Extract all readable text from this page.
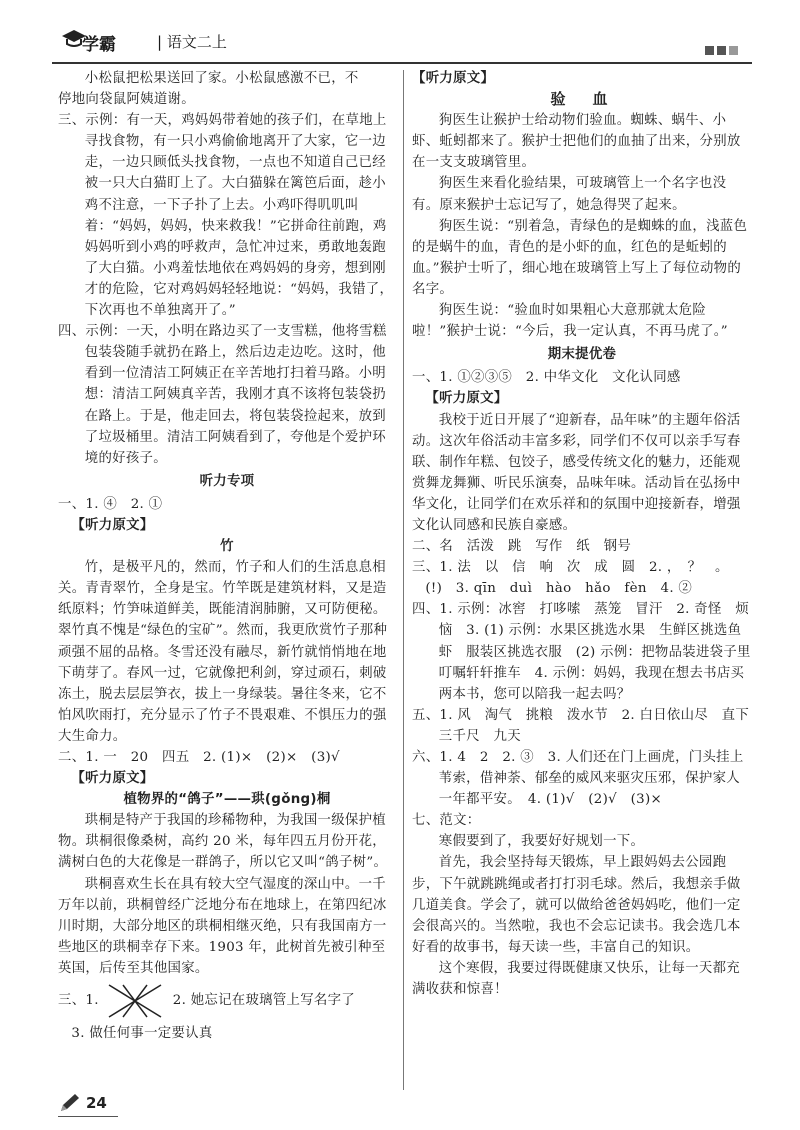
学霸	| 语文二上

小松鼠把松果送回了家。小松鼠感激不已，不

停地向袋鼠阿姨道谢。

三、示例：有一天，鸡妈妈带着她的孩子们，在草地上寻找食物，有一只小鸡偷偷地离开了大家，它一边走，一边只顾低头找食物，一点也不知道自己已经被一只大白猫盯上了。大白猫躲在篱笆后面，趁小鸡不注意，一下子扑了上去。小鸡吓得叽叽叫着：“妈妈，妈妈，快来救我！”它拼命往前跑，鸡妈妈听到小鸡的呼救声，急忙冲过来，勇敢地轰跑了大白猫。小鸡羞怯地依在鸡妈妈的身旁，想到刚才的危险，它对鸡妈妈轻轻地说：“妈妈，我错了，下次再也不单独离开了。”

四、示例：一天，小明在路边买了一支雪糕，他将雪糕包装袋随手就扔在路上，然后边走边吃。这时，他看到一位清洁工阿姨正在辛苦地打扫着马路。小明想：清洁工阿姨真辛苦，我刚才真不该将包装袋扔在路上。于是，他走回去，将包装袋捡起来，放到了垃圾桶里。清洁工阿姨看到了，夸他是个爱护环境的好孩子。

听力专项

一、1. ④　2. ①

【听力原文】

竹

竹，是极平凡的，然而，竹子和人们的生活息息相关。青青翠竹，全身是宝。竹竿既是建筑材料，又是造纸原料；竹笋味道鲜美，既能清润肺腑，又可防便秘。翠竹真不愧是“绿色的宝矿”。然而，我更欣赏竹子那种顽强不屈的品格。冬雪还没有融尽，新竹就悄悄地在地下萌芽了。春风一过，它就像把利剑，穿过顽石，刺破冻土，脱去层层笋衣，拔上一身绿装。暑往冬来，它不怕风吹雨打，充分显示了竹子不畏艰难、不惧压力的强大生命力。

二、1. 一　20　四五　2. (1)×　(2)×　(3)√

【听力原文】

植物界的“鸽子”——珙(gǒng)桐

珙桐是特产于我国的珍稀物种，为我国一级保护植物。珙桐很像桑树，高约 20 米，每年四五月份开花，满树白色的大花像是一群鸽子，所以它又叫“鸽子树”。

珙桐喜欢生长在具有较大空气湿度的深山中。一千万年以前，珙桐曾经广泛地分布在地球上，在第四纪冰川时期，大部分地区的珙桐相继灭绝，只有我国南方一些地区的珙桐幸存下来。1903 年，此树首先被引种至英国，后传至其他国家。

三、1.	2. 她忘记在玻璃管上写名字了

3. 做任何事一定要认真

【听力原文】

验　血

狗医生让猴护士给动物们验血。蜘蛛、蜗牛、小虾、蚯蚓都来了。猴护士把他们的血抽了出来，分别放在一支支玻璃管里。

狗医生来看化验结果，可玻璃管上一个名字也没有。原来猴护士忘记写了，她急得哭了起来。

狗医生说：“别着急，青绿色的是蜘蛛的血，浅蓝色的是蜗牛的血，青色的是小虾的血，红色的是蚯蚓的血。”猴护士听了，细心地在玻璃管上写上了每位动物的名字。

狗医生说：“验血时如果粗心大意那就太危险啦！”猴护士说：“今后，我一定认真，不再马虎了。”

期末提优卷

一、1. ①②③⑤　2. 中华文化　文化认同感

【听力原文】

我校于近日开展了“迎新春，品年味”的主题年俗活动。这次年俗活动丰富多彩，同学们不仅可以亲手写春联、制作年糕、包饺子，感受传统文化的魅力，还能观赏舞龙舞狮、听民乐演奏，品味年味。活动旨在弘扬中华文化，让同学们在欢乐祥和的氛围中迎接新春，增强文化认同感和民族自豪感。

二、名　活泼　跳　写作　纸　钢号

三、1. 法　以　信　响　次　成　圆　2. ，　？　。

(!)　3. qīn　duì　hào　hǎo　fèn　4. ②

四、1. 示例：冰窖　打哆嗦　蒸笼　冒汗　2. 奇怪　烦恼　3. (1) 示例：水果区挑选水果　生鲜区挑选鱼虾　服装区挑选衣服　(2) 示例：把物品装进袋子里　叮嘱轩轩推车　4. 示例：妈妈，我现在想去书店买两本书，您可以陪我一起去吗？

五、1. 风　淘气　挑粮　泼水节　2. 白日依山尽　直下三千尺　九天

六、1. 4　2　2. ③　3. 人们还在门上画虎，门头挂上苇索，借神荼、郁垒的威风来驱灾压邪，保护家人一年都平安。　4. (1)√　(2)√　(3)×

七、范文：

寒假要到了，我要好好规划一下。

首先，我会坚持每天锻炼，早上跟妈妈去公园跑步，下午就跳跳绳或者打打羽毛球。然后，我想亲手做几道美食。学会了，就可以做给爸爸妈妈吃，他们一定会很高兴的。当然啦，我也不会忘记读书。我会选几本好看的故事书，每天读一些，丰富自己的知识。

这个寒假，我要过得既健康又快乐，让每一天都充满收获和惊喜！

24
